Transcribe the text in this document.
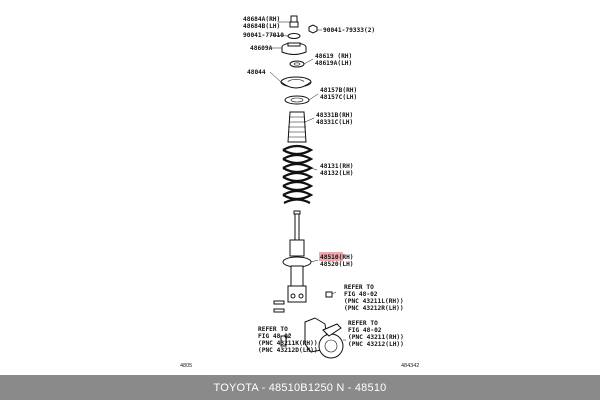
48684A(RH)
48684B(LH)
90041-77010
90041-79333(2)
48609A
48619 (RH)
48619A(LH)
48044
48157B(RH)
48157C(LH)
48331B(RH)
48331C(LH)
48131(RH)
48132(LH)
48510(RH)
48520(LH)
REFER TO
FIG 48-02
(PNC 43211L(RH))
(PNC 43212R(LH))
REFER TO
FIG 48-02
(PNC 43211K(RH))
(PNC 43212D(LH))
REFER TO
FIG 48-02
(PNC 43211(RH))
(PNC 43212(LH))
4805	484342
TOYOTA - 48510B1250 N - 48510
